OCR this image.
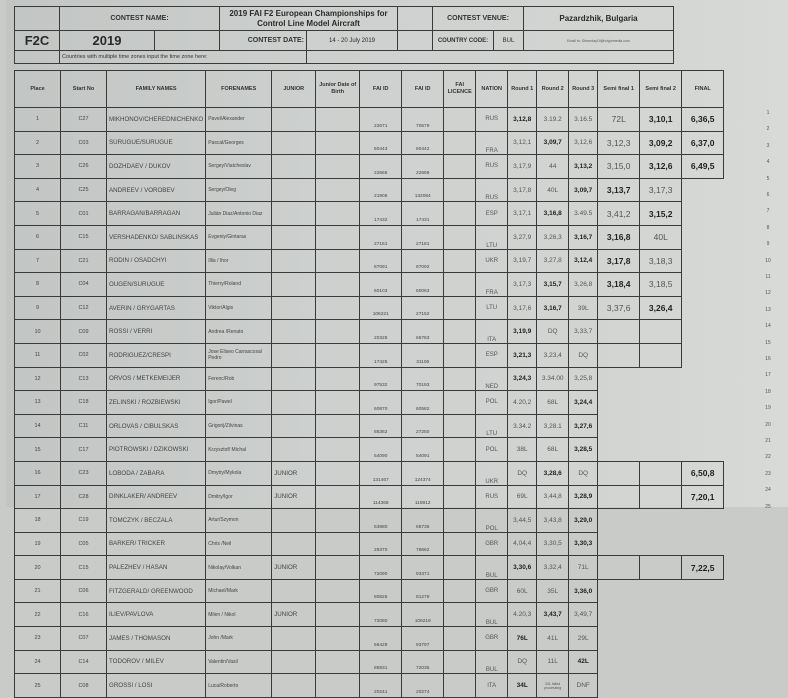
	CONTEST NAME:		2019 FAI F2 European Championships for Control Line Model Aircraft			CONTEST VENUE:		Pazardzhik, Bulgaria
F2C	2019		CONTEST DATE:	14 - 20 July 2019		COUNTRY CODE:	BUL	Email to: f2ecmday19@virginmedia.com
	Countries with multiple time zones input the time zone here:							
Place	Start No	FAMILY NAMES	FORENAMES	JUNIOR	Junior Date of Birth	FAI ID	FAI ID	FAI LICENCE	NATION	Round 1	Round 2	Round 3	Semi final 1	Semi final 2	FINAL
1	C27	MIKHONOV/CHEREDNICHENKO	Pavel/Alexander			22671	70579		RUS	3,12,8	3.19.2	3.16.5	72L	3,10,1	6,36,5
2	C03	SURUGUE/SURUGUE	Pascal/Georges			60443	60442		FRA	3,12,1	3,09,7	3,12,6	3,12,3	3,09,2	6,37,0
3	C26	DOZHDAEV / DUKOV	Sergey/Viatcheslav			22666	22669		RUS	3,17,9	44	3,13,2	3,15,0	3,12,6	6,49,5
4	C25	ANDREEV / VOROBEV	Sergey/Oleg			21906	132084		RUS	3,17,8	40L	3,09,7	3,13,7	3,17,3	
5	C01	BARRAGAN/BARRAGAN	Julián Diaz/Antonio Diaz			17432	17431		ESP	3,17,1	3,16,8	3.49.5	3,41,2	3,15,2	
6	C15	VERSHADENKO/ SABLINSKAS	Evgeniy/Gintaras			27151	27181		LTU	3,27,9	3,26,3	3,16,7	3,16,8	40L	
7	C21	RODIN / OSADCHYI	Illia / Ihor			87091	87092		UKR	3,19,7	3,27,8	3,12,4	3,17,8	3,18,3	
8	C04	OUGEN/SURUGUE	Thierry/Roland			60103	60063		FRA	3,17,3	3,15,7	3,26,8	3,18,4	3,18,5	
9	C12	AVERIN / GRYGARTAS	Viktor/Algis			106221	27152		LTU	3,17,6	3,16,7	39L	3,37,6	3,26,4	
10	C09	ROSSI / VERRI	Andrea /Renato			20328	66763		ITA	3,19,9	DQ	3,33,7			
11	C02	RODRIGUEZ/CRESPI	Jose Eliseo Carrascosa/ Pedro			17425	31106		ESP	3,21,3	3,23,4	DQ			
12	C13	ORVOS / METKEMEIJER	Ferenc/Rob			97532	70193		NED	3,24,3	3.34.00	3,25,8			
13	C18	ZELINSKI / ROZBIEWSKI	Igor/Pawel			60870	60582		POL	4.20,2	68L	3,24,4			
14	C11	ORLOVAS / CIBULSKAS	Grigorij/Zilvinas			86362	27250		LTU	3.34.2	3,28.1	3,27,6			
15	C17	PIOTROWSKI / DZIKOWSKI	Krzysztof/ Michal			54090	54091		POL	38L	68L	3,28,5			
16	C23	LOBODA / ZABARA	Dmytry/Mykola	JUNIOR		131467	124374		UKR	DQ	3,28,6	DQ			6,50,8
17	C28	DINKLAKER/ ANDREEV	Dmitry/Igor	JUNIOR		114368	118812		RUS	69L	3,44,8	3,28,9			7,20,1
18	C19	TOMCZYK / BECZALA	Artur/Szymon			53980	68736		POL	3,44,5	3,43,8	3,29,0			
19	C05	BARKER/ TRICKER	Chris /Neil			29370	78662		GBR	4,04,4	3,30,5	3,30,3			
20	C15	PALEZHEV / HASAN	Nikolay/Volkan	JUNIOR		72090	93371		BUL	3,30,6	3,32,4	71L			7,22,5
21	C06	FITZGERALD/ GREENWOOD	Michael/Mark			80826	81279		GBR	60L	35L	3,36,0			
22	C16	ILIEV/PAVLOVA	Milen / Nikol	JUNIOR		72080	109219		BUL	4.20,3	3,43,7	3,49,7			
23	C07	JAMES / THOMASON	John /Mark			66429	93797		GBR	76L	41L	29L			
24	C14	TODOROV / MILEV	Valentin/Vasil			85931	72035		BUL	DQ	11L	42L			
25	C08	GROSSI / LOSI	Luca/Roberto			20241	20274		ITA	34L	34L failed processing	DNF			
1
2
3
4
5
6
7
8
9
10
11
12
13
14
15
16
17
18
19
20
21
22
23
24
25
